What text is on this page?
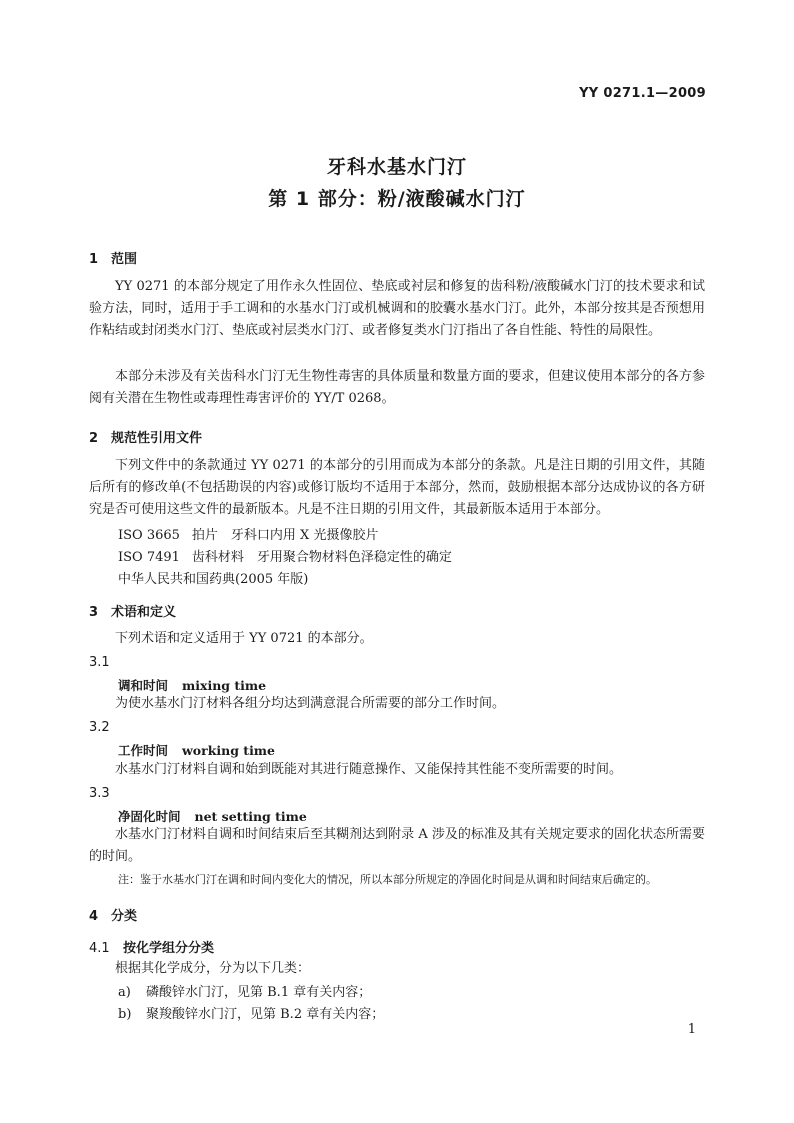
YY 0271.1—2009
牙科水基水门汀
第 1 部分：粉/液酸碱水门汀
1 范围
YY 0271 的本部分规定了用作永久性固位、垫底或衬层和修复的齿科粉/液酸碱水门汀的技术要求和试验方法，同时，适用于手工调和的水基水门汀或机械调和的胶囊水基水门汀。此外，本部分按其是否预想用作粘结或封闭类水门汀、垫底或衬层类水门汀、或者修复类水门汀指出了各自性能、特性的局限性。
本部分未涉及有关齿科水门汀无生物性毒害的具体质量和数量方面的要求，但建议使用本部分的各方参阅有关潜在生物性或毒理性毒害评价的 YY/T 0268。
2 规范性引用文件
下列文件中的条款通过 YY 0271 的本部分的引用而成为本部分的条款。凡是注日期的引用文件，其随后所有的修改单(不包括勘误的内容)或修订版均不适用于本部分，然而，鼓励根据本部分达成协议的各方研究是否可使用这些文件的最新版本。凡是不注日期的引用文件，其最新版本适用于本部分。
ISO 3665 拍片　牙科口内用 X 光摄像胶片
ISO 7491 齿科材料　牙用聚合物材料色泽稳定性的确定
中华人民共和国药典(2005 年版)
3 术语和定义
下列术语和定义适用于 YY 0721 的本部分。
3.1
调和时间 mixing time
为使水基水门汀材料各组分均达到满意混合所需要的部分工作时间。
3.2
工作时间 working time
水基水门汀材料自调和始到既能对其进行随意操作、又能保持其性能不变所需要的时间。
3.3
净固化时间 net setting time
水基水门汀材料自调和时间结束后至其糊剂达到附录 A 涉及的标准及其有关规定要求的固化状态所需要的时间。
注：鉴于水基水门汀在调和时间内变化大的情况，所以本部分所规定的净固化时间是从调和时间结束后确定的。
4 分类
4.1 按化学组分分类
根据其化学成分，分为以下几类：
a) 磷酸锌水门汀，见第 B.1 章有关内容；
b) 聚羧酸锌水门汀，见第 B.2 章有关内容；
1
